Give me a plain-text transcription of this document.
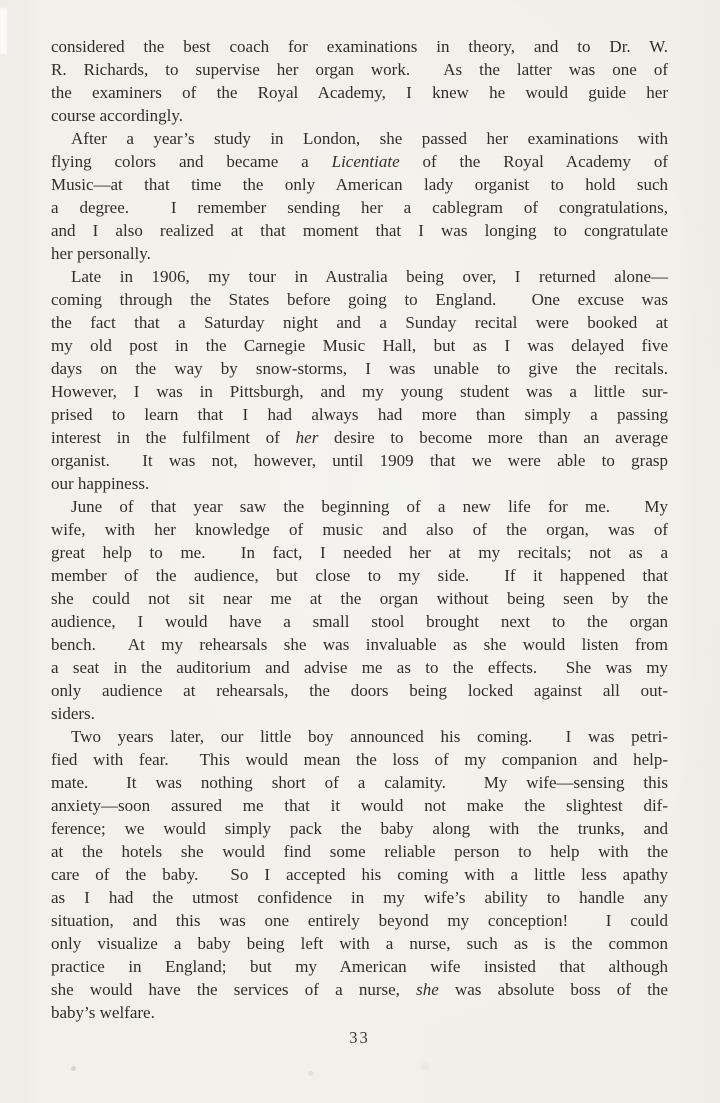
considered the best coach for examinations in theory, and to Dr. W.
R. Richards, to supervise her organ work.  As the latter was one of
the examiners of the Royal Academy, I knew he would guide her
course accordingly.
After a year’s study in London, she passed her examinations with
flying colors and became a Licentiate of the Royal Academy of
Music—at that time the only American lady organist to hold such
a degree.  I remember sending her a cablegram of congratulations,
and I also realized at that moment that I was longing to congratulate
her personally.
Late in 1906, my tour in Australia being over, I returned alone—
coming through the States before going to England.  One excuse was
the fact that a Saturday night and a Sunday recital were booked at
my old post in the Carnegie Music Hall, but as I was delayed five
days on the way by snow-storms, I was unable to give the recitals.
However, I was in Pittsburgh, and my young student was a little sur-
prised to learn that I had always had more than simply a passing
interest in the fulfilment of her desire to become more than an average
organist.  It was not, however, until 1909 that we were able to grasp
our happiness.
June of that year saw the beginning of a new life for me.  My
wife, with her knowledge of music and also of the organ, was of
great help to me.  In fact, I needed her at my recitals; not as a
member of the audience, but close to my side.  If it happened that
she could not sit near me at the organ without being seen by the
audience, I would have a small stool brought next to the organ
bench.  At my rehearsals she was invaluable as she would listen from
a seat in the auditorium and advise me as to the effects.  She was my
only audience at rehearsals, the doors being locked against all out-
siders.
Two years later, our little boy announced his coming.  I was petri-
fied with fear.  This would mean the loss of my companion and help-
mate.  It was nothing short of a calamity.  My wife—sensing this
anxiety—soon assured me that it would not make the slightest dif-
ference; we would simply pack the baby along with the trunks, and
at the hotels she would find some reliable person to help with the
care of the baby.  So I accepted his coming with a little less apathy
as I had the utmost confidence in my wife’s ability to handle any
situation, and this was one entirely beyond my conception!  I could
only visualize a baby being left with a nurse, such as is the common
practice in England; but my American wife insisted that although
she would have the services of a nurse, she was absolute boss of the
baby’s welfare.
33
